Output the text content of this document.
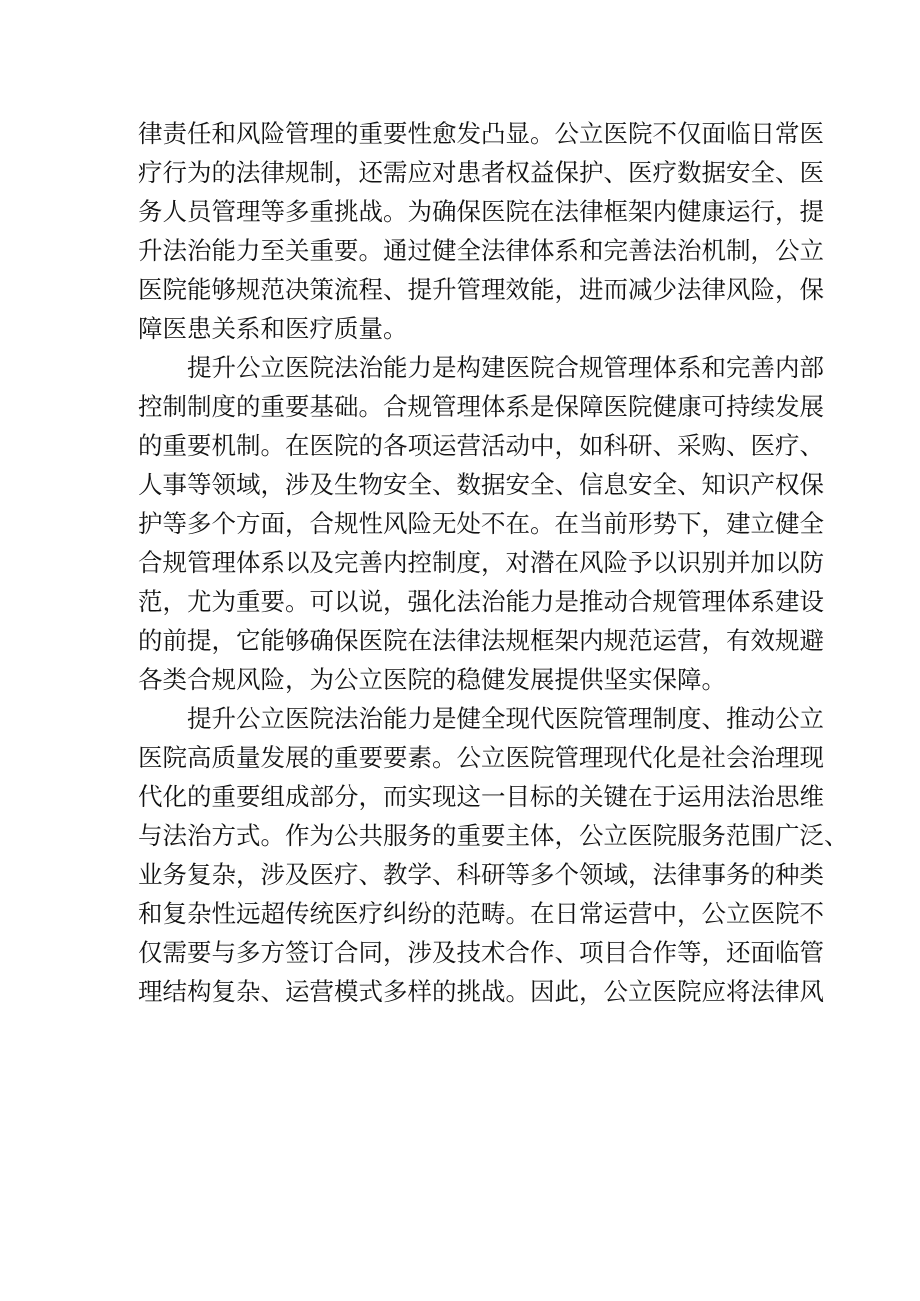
律责任和风险管理的重要性愈发凸显。公立医院不仅面临日常医
疗行为的法律规制，还需应对患者权益保护、医疗数据安全、医
务人员管理等多重挑战。为确保医院在法律框架内健康运行，提
升法治能力至关重要。通过健全法律体系和完善法治机制，公立
医院能够规范决策流程、提升管理效能，进而减少法律风险，保
障医患关系和医疗质量。
提升公立医院法治能力是构建医院合规管理体系和完善内部
控制制度的重要基础。合规管理体系是保障医院健康可持续发展
的重要机制。在医院的各项运营活动中，如科研、采购、医疗、
人事等领域，涉及生物安全、数据安全、信息安全、知识产权保
护等多个方面，合规性风险无处不在。在当前形势下，建立健全
合规管理体系以及完善内控制度，对潜在风险予以识别并加以防
范，尤为重要。可以说，强化法治能力是推动合规管理体系建设
的前提，它能够确保医院在法律法规框架内规范运营，有效规避
各类合规风险，为公立医院的稳健发展提供坚实保障。
提升公立医院法治能力是健全现代医院管理制度、推动公立
医院高质量发展的重要要素。公立医院管理现代化是社会治理现
代化的重要组成部分，而实现这一目标的关键在于运用法治思维
与法治方式。作为公共服务的重要主体，公立医院服务范围广泛、
业务复杂，涉及医疗、教学、科研等多个领域，法律事务的种类
和复杂性远超传统医疗纠纷的范畴。在日常运营中，公立医院不
仅需要与多方签订合同，涉及技术合作、项目合作等，还面临管
理结构复杂、运营模式多样的挑战。因此，公立医院应将法律风
